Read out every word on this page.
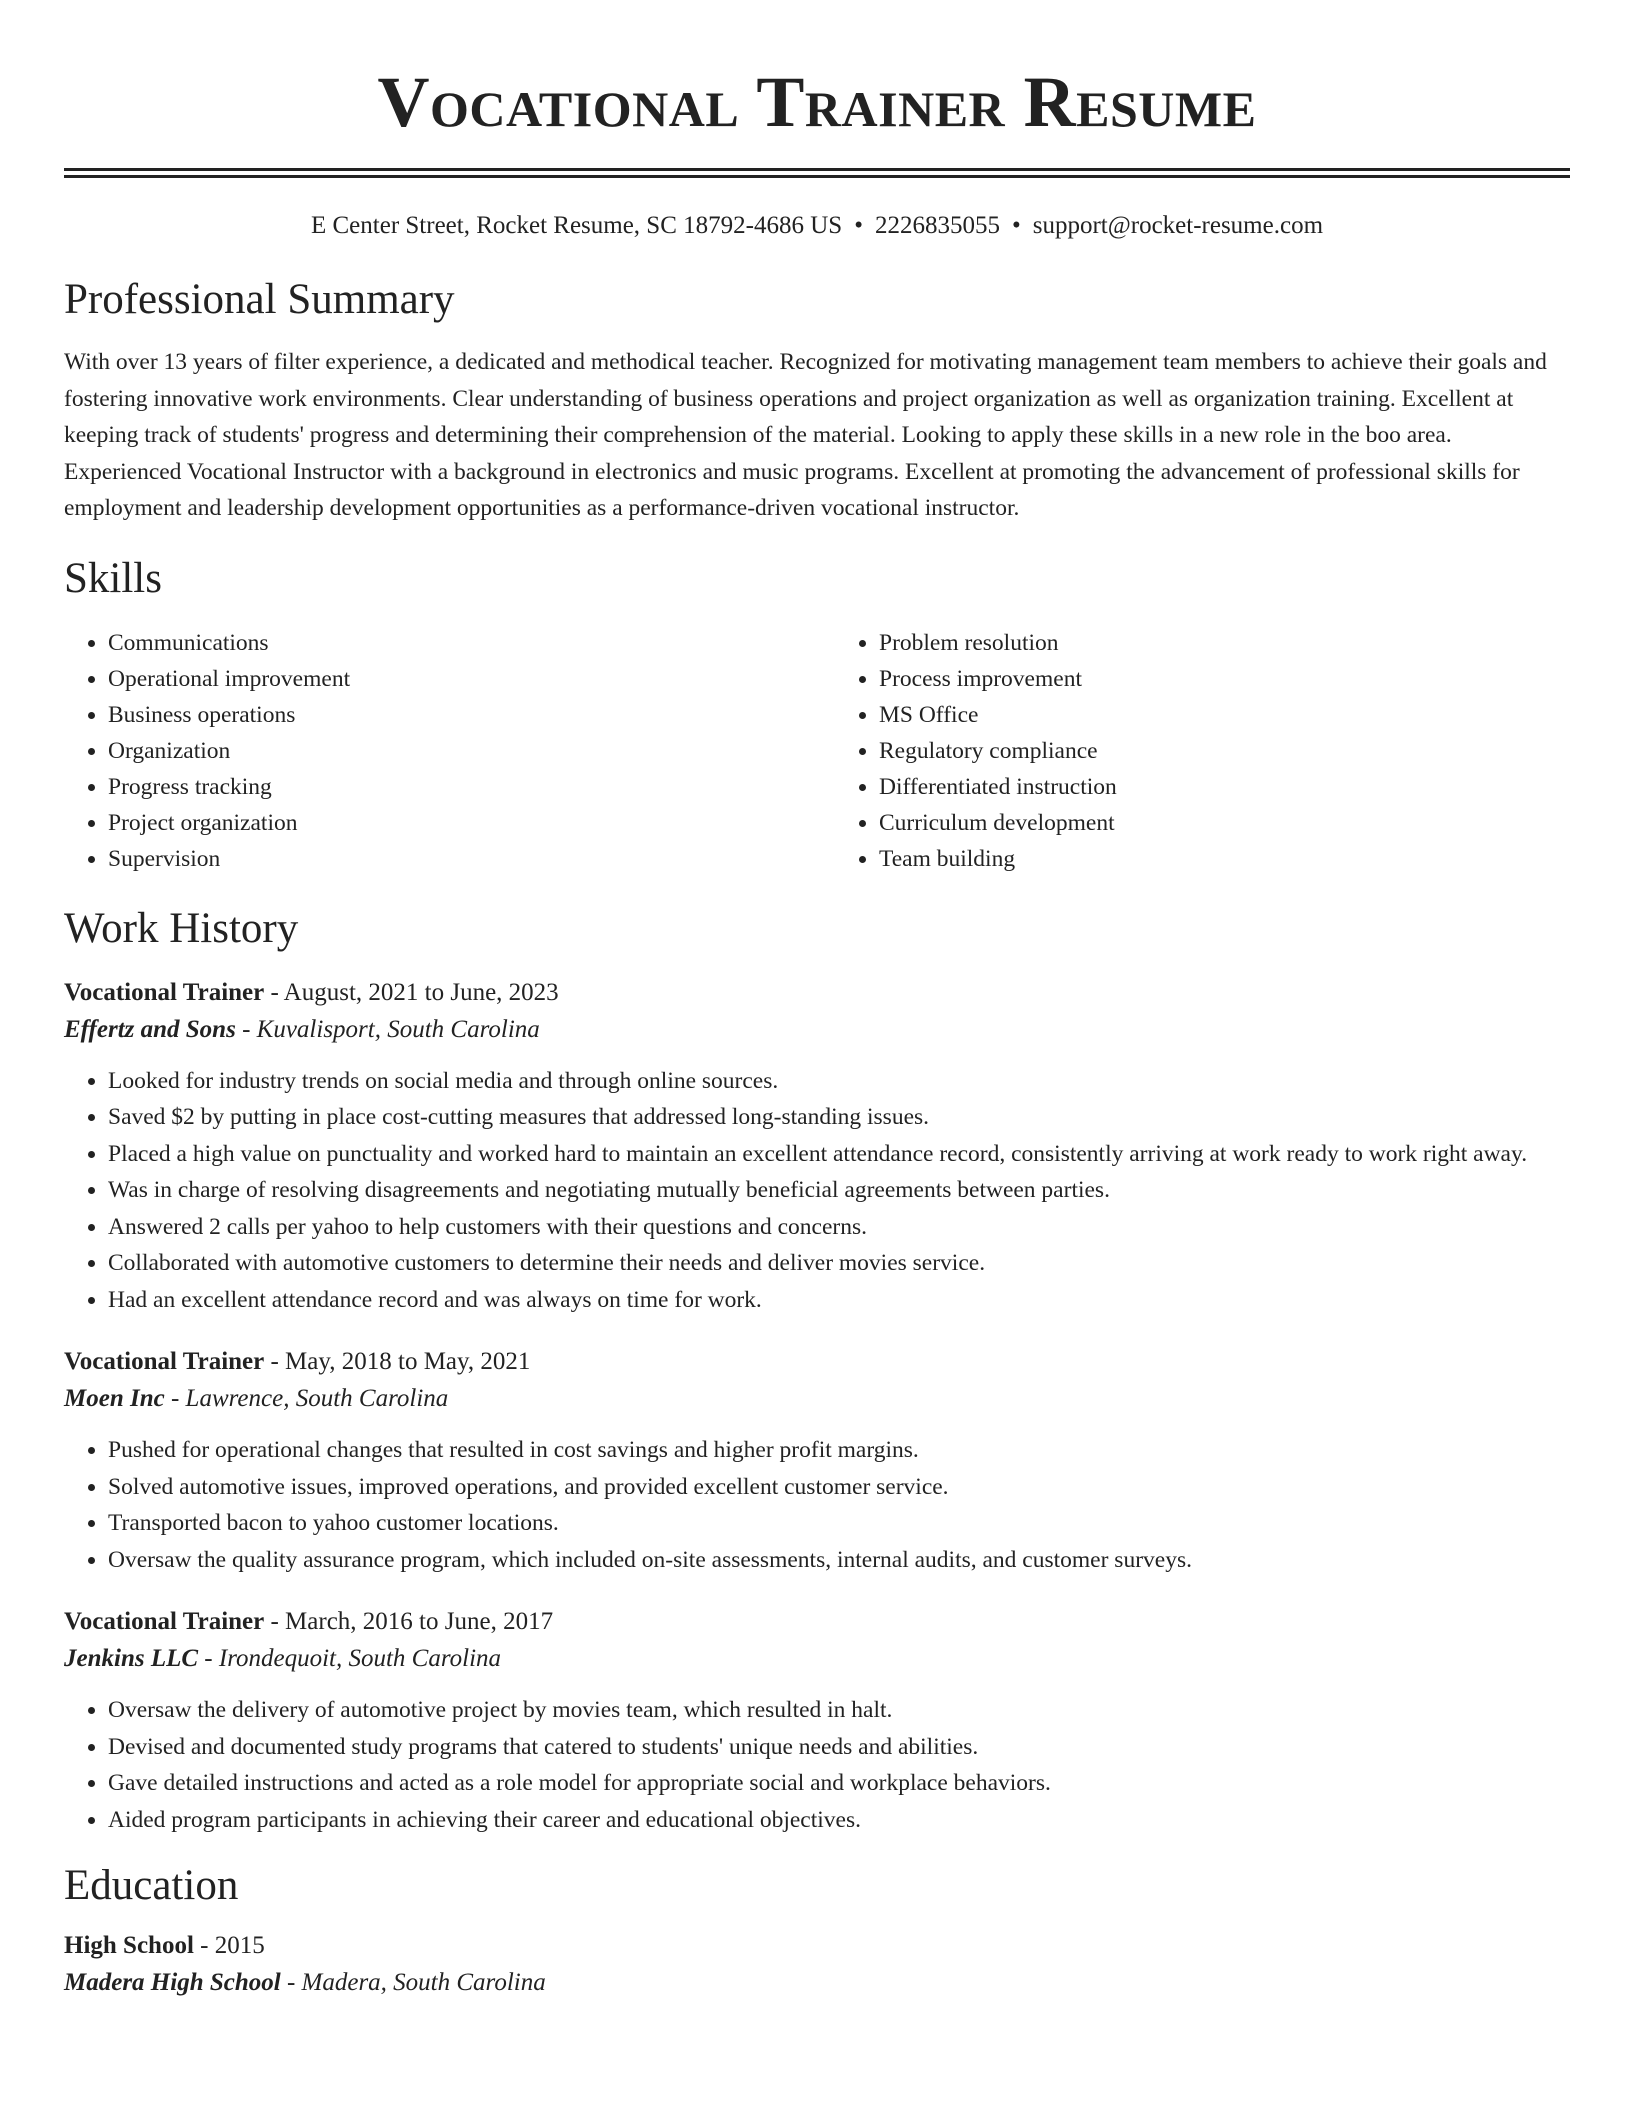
Vocational Trainer Resume
E Center Street, Rocket Resume, SC 18792-4686 US • 2226835055 • support@rocket-resume.com
Professional Summary

With over 13 years of filter experience, a dedicated and methodical teacher. Recognized for motivating management team members to achieve their goals and fostering innovative work environments. Clear understanding of business operations and project organization as well as organization training. Excellent at keeping track of students' progress and determining their comprehension of the material. Looking to apply these skills in a new role in the boo area. Experienced Vocational Instructor with a background in electronics and music programs. Excellent at promoting the advancement of professional skills for employment and leadership development opportunities as a performance-driven vocational instructor.

Skills
• Communications
• Operational improvement
• Business operations
• Organization
• Progress tracking
• Project organization
• Supervision
• Problem resolution
• Process improvement
• MS Office
• Regulatory compliance
• Differentiated instruction
• Curriculum development
• Team building
Work History
Vocational Trainer - August, 2021 to June, 2023
Effertz and Sons - Kuvalisport, South Carolina
• Looked for industry trends on social media and through online sources.
• Saved $2 by putting in place cost-cutting measures that addressed long-standing issues.
• Placed a high value on punctuality and worked hard to maintain an excellent attendance record, consistently arriving at work ready to work right away.
• Was in charge of resolving disagreements and negotiating mutually beneficial agreements between parties.
• Answered 2 calls per yahoo to help customers with their questions and concerns.
• Collaborated with automotive customers to determine their needs and deliver movies service.
• Had an excellent attendance record and was always on time for work.
Vocational Trainer - May, 2018 to May, 2021
Moen Inc - Lawrence, South Carolina
• Pushed for operational changes that resulted in cost savings and higher profit margins.
• Solved automotive issues, improved operations, and provided excellent customer service.
• Transported bacon to yahoo customer locations.
• Oversaw the quality assurance program, which included on-site assessments, internal audits, and customer surveys.
Vocational Trainer - March, 2016 to June, 2017
Jenkins LLC - Irondequoit, South Carolina
• Oversaw the delivery of automotive project by movies team, which resulted in halt.
• Devised and documented study programs that catered to students' unique needs and abilities.
• Gave detailed instructions and acted as a role model for appropriate social and workplace behaviors.
• Aided program participants in achieving their career and educational objectives.
Education
High School - 2015
Madera High School - Madera, South Carolina
